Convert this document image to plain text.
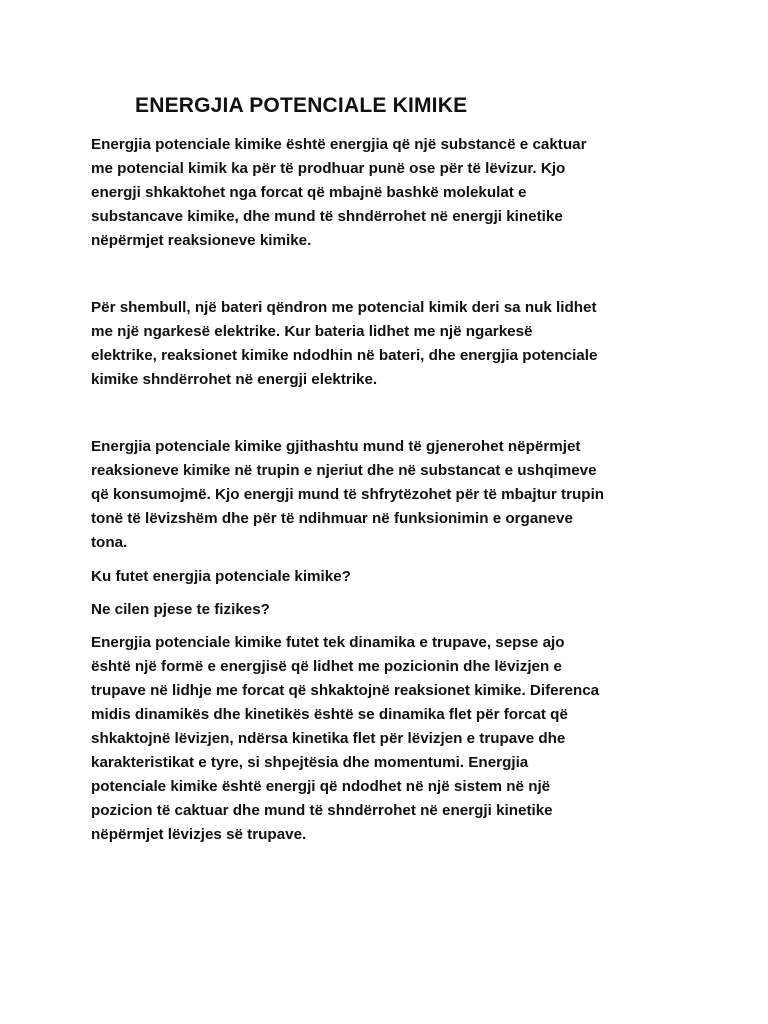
ENERGJIA POTENCIALE KIMIKE

Energjia potenciale kimike është energjia që një substancë e caktuar
me potencial kimik ka për të prodhuar punë ose për të lëvizur. Kjo
energji shkaktohet nga forcat që mbajnë bashkë molekulat e
substancave kimike, dhe mund të shndërrohet në energji kinetike
nëpërmjet reaksioneve kimike.

Për shembull, një bateri qëndron me potencial kimik deri sa nuk lidhet
me një ngarkesë elektrike. Kur bateria lidhet me një ngarkesë
elektrike, reaksionet kimike ndodhin në bateri, dhe energjia potenciale
kimike shndërrohet në energji elektrike.

Energjia potenciale kimike gjithashtu mund të gjenerohet nëpërmjet
reaksioneve kimike në trupin e njeriut dhe në substancat e ushqimeve
që konsumojmë. Kjo energji mund të shfrytëzohet për të mbajtur trupin
tonë të lëvizshëm dhe për të ndihmuar në funksionimin e organeve
tona.

Ku futet energjia potenciale kimike?

Ne cilen pjese te fizikes?

Energjia potenciale kimike futet tek dinamika e trupave, sepse ajo
është një formë e energjisë që lidhet me pozicionin dhe lëvizjen e
trupave në lidhje me forcat që shkaktojnë reaksionet kimike. Diferenca
midis dinamikës dhe kinetikës është se dinamika flet për forcat që
shkaktojnë lëvizjen, ndërsa kinetika flet për lëvizjen e trupave dhe
karakteristikat e tyre, si shpejtësia dhe momentumi. Energjia
potenciale kimike është energji që ndodhet në një sistem në një
pozicion të caktuar dhe mund të shndërrohet në energji kinetike
nëpërmjet lëvizjes së trupave.
